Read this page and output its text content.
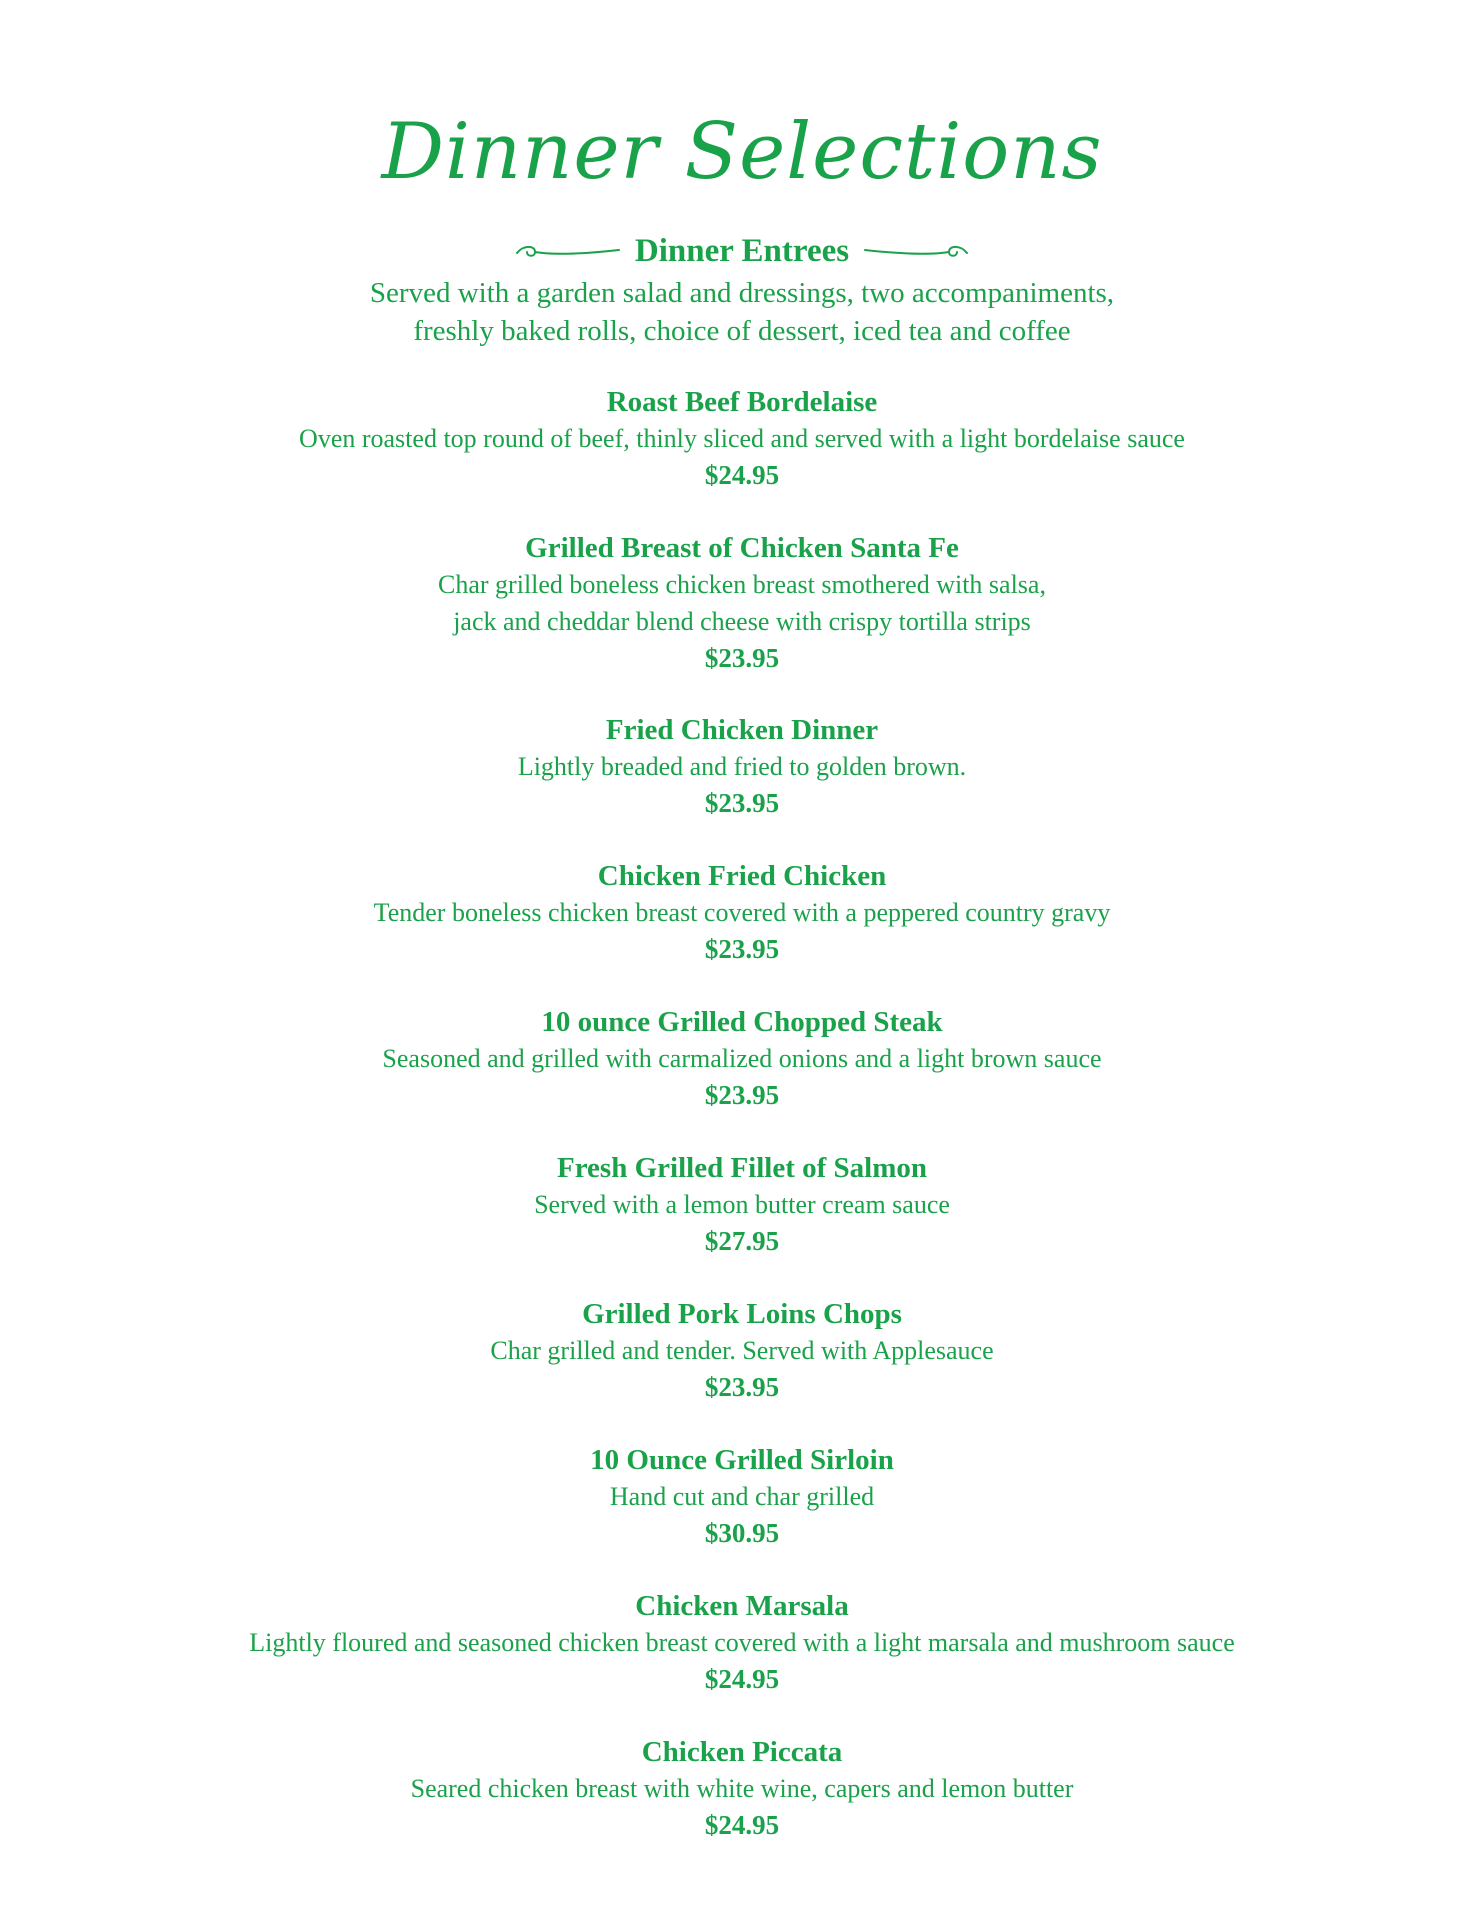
Dinner Selections
Dinner Entrees
Served with a garden salad and dressings, two accompaniments,
freshly baked rolls, choice of dessert, iced tea and coffee
Roast Beef Bordelaise
Oven roasted top round of beef, thinly sliced and served with a light bordelaise sauce
$24.95
Grilled Breast of Chicken Santa Fe
Char grilled boneless chicken breast smothered with salsa,
jack and cheddar blend cheese with crispy tortilla strips
$23.95
Fried Chicken Dinner
Lightly breaded and fried to golden brown.
$23.95
Chicken Fried Chicken
Tender boneless chicken breast covered with a peppered country gravy
$23.95
10 ounce Grilled Chopped Steak
Seasoned and grilled with carmalized onions and a light brown sauce
$23.95
Fresh Grilled Fillet of Salmon
Served with a lemon butter cream sauce
$27.95
Grilled Pork Loins Chops
Char grilled and tender. Served with Applesauce
$23.95
10 Ounce Grilled Sirloin
Hand cut and char grilled
$30.95
Chicken Marsala
Lightly floured and seasoned chicken breast covered with a light marsala and mushroom sauce
$24.95
Chicken Piccata
Seared chicken breast with white wine, capers and lemon butter
$24.95
